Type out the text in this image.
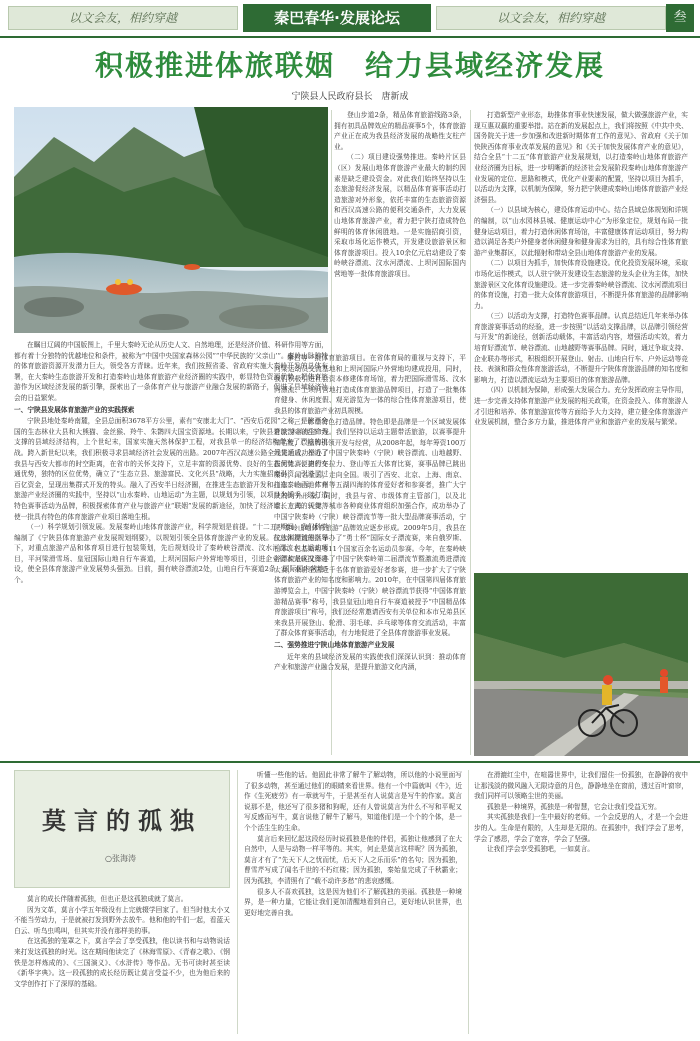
以文会友，相约穿越	秦巴春华·发展论坛	以文会友，相约穿越	叁
积极推进体旅联姻　给力县域经济发展
宁陕县人民政府县长　唐新成

在瞩目辽阔的中国版图上，千里大秦岭无论从历史人文、自然地理，还是经济价值、科研作用等方面，都有着十分独特的优越地位和条件，被称为“中国中央国家森林公园”“中华民族的‘父亲山’”。秦岭山脉独特的体育旅游资源开发潜力巨大，领受各方青睐。近年来，我们按照省委、省政府实施大秦岭开发的总体布署，在大秦岭生态旅游开发和打造秦岭山地体育旅游产业经济圈的实践中，彰显特色资源优势，把体育旅游作为区域经济发展的新引擎，探索出了一条体育产业与旅游产业融合发展的新路子，促进了县域经济社会的日益繁荣。

一、宁陕县发展体育旅游产业的实践探索

宁陕县地处秦岭南麓，全县总面积3678平方公里，素有“安康北大门”、“西安后花园”之称，是陕西全国的生态林业大县和大熊猫、金丝猴、羚牛、朱鹮四大国宝资源地。长期以来，宁陕县是以“木头经济”为支撑的县域经济结构，上个世纪末，国家实施天然林保护工程，对我县单一的经济结构带来了严峻的挑战。跨入新世纪以来，我们积极寻求县域经济社会发展的出路。2007年西汉高速公路全线贯通后，拉近了我县与西安大都市的时空距离，在省市的关怀支持下，立足丰富的资源优势、良好的生态优势、便捷的交通优势，独特的区位优势，确立了“生态立县、旅游富民、文化兴县”战略，大力实施招商引资，引进了过百亿资金，呈现出集群式开发的特头。融入了西安半日经济圈，在推进生态旅游开发和打造秦岭山地体育旅游产业经济圈的实践中，坚持以“山水秦岭、山地运动”为主题，以规划为引领，以项目为抓手，以打造特色赛事活动为品牌，积极探索体育产业与旅游产业“联姻”发展的新途径，加快了经济增长方式的转变，使一批具有特色的体育旅游产业项目落地生根。

（一）科学规划引领发展。发展秦岭山地体育旅游产业，科学规划是前提。“十二五”期间，我们科学编制了《宁陕县体育旅游产业发展规划纲要》，以规划引领全县体育旅游产业的发展。在总体规划的指导下，对重点旅游产品和体育项目进行包装策划，先后规划设计了秦岭峡谷漂流、汶水河漂流水上运动项目，平河梁滑雪场、皇冠国际山地自行车赛道，上坝河国际户外营地等项目，引进企业资本完成投资建设，使全县体育旅游产业发展势头强劲。目前，拥有峡谷漂流2处，山地自行车赛道2条，国际国内营地5个。

登山步道2条，精品体育旅游线路3条，拥有初具品牌效应的精品赛事5个，体育旅游产业正在成为我县经济发展的战略性支柱产业。

（二）项目建设强势推进。秦岭片区县（区）发展山地体育旅游产业最大的制约因素是缺乏建设资金。对此我们始终坚持以生态旅游促经济发展，以精品体育赛事活动打造旅游对外形象，依托丰富的生态旅游资源和西汉高速公路的便利交通条件，大力发展山地体育旅游产业，着力把宁陕打造成特色鲜明的体育休闲胜地。一是实施招商引资，采取市场化运作模式，开发建设旅游景区和体育旅游项目。投入10余亿元启动建设了秦岭峡谷漂流、汶水河漂流、上坝河国际国内营地等一批体育旅游项目。

攀岩等一批体育旅游项目。在省体育局的重视与支持下，平河梁运动员交流基地和上坝河国际户外营地均建成投用，同时，我们积极引进社会资本修建体育场馆，着力把国际滑雪场、汶水河漂流、上坝河营地打造成体育旅游品牌项目，打造了一批集体育健身、休闲度假、观光游览为一体的综合性体育旅游项目，使我县的体育旅游产业初具规模。

（三）彰显特色打造品牌。特色即是品牌是一个区域发展体育旅游业的生命线。我们坚持以运动主题带活旅游，以赛事提升知名度，以品牌引领开发与经营，从2008年起，每年筹资100万元先后成功举办了中国宁陕秦岭（宁陕）峡谷漂流、山地越野、拔河比赛、自行车拉力、登山等五大体育比赛，赛事品牌已跳出秦岭，闻名全国，走向全国。吸引了西安、北京、上海、南京、山东、山西，广州等五湖四海的体育爱好者和参赛者，推广大宁陕的对外形象。同时，我县与省、市级体育主管部门，以及北京、上海、天津等城市各种商业体育组织加强合作，成功举办了中国宁陕秦岭（宁陕）峡谷漂流节等一批大型品牌赛事活动，宁陕“秦岭山地体育旅游”品牌效应逐步形成。2009年5月，我县在汶水河漂流景区举办了“勇士杯”国际女子漂流赛，来自俄罗斯、日本、巴基斯坦等11个国家百余名运动员参赛。今年，在秦岭峡谷漂流景区又举办了中国宁陕秦岭第二届漂流节暨激流勇进漂流大赛，来自全国近千名体育旅游爱好者参赛，进一步扩大了宁陕体育旅游产业的知名度和影响力。2010年，在中国第四届体育旅游博览会上，中国宁陕秦岭（宁陕）峡谷漂流节获得“中国体育旅游精品赛事”称号，我县皇冠山地自行车赛道被授予“中国精品体育旅游项目”称号，我们还经常邀请西安有关单位和本市兄弟县区来我县开展登山、轮滑、羽毛球、乒乓球等体育交流活动，丰富了群众体育赛事活动，有力地促进了全县体育旅游事业发展。

二、强势推进宁陕山地体育旅游产业发展

近年来的县域经济发展的实践使我们深深认识到：推动体育产业和旅游产业融合发展，是提升旅游文化内涵，

打造新型产业形态，助推体育事业快速发展，做大做强旅游产业，实现互惠双赢的重要举措。站在新的发展起点上，我们将按照《中共中央、国务院关于进一步加强和改进新时期体育工作的意见》、省政府《关于加快陕西体育事业改革发展的意见》和《关于加快发展体育产业的意见》，结合全县“十二五”体育旅游产业发展规划，以打造秦岭山地体育旅游产业经济圈为目标，进一步明晰新的经济社会发展阶段秦岭山地体育旅游产业发展的定位、思路和模式，优化产业要素的配置，坚持以项目为抓手，以活动为支撑，以机制为保障，努力把宁陕建成秦岭山地体育旅游产业经济强县。

（一）以县域为核心，建设体育运动中心。结合县域总体规划和详规的编制，以“山水园林县城、健康运动中心”为形象定位，规划布局一批健身运动项目，着力打造休闲体育场馆，丰富健康体育运动项目，努力构造以满足各类户外健身者休闲健身和健身需求为目的，具有综合性体育旅游产业集群区，以此辐射和带动全县山地体育旅游产业的发展。

（二）以项目为抓手，加快体育设施建设。优化投资发展环境，采取市场化运作模式，以人驻宁陕开发建设生态旅游的龙头企业为主体，加快旅游景区文化体育设施建设。进一步完善秦岭峡谷漂流、汶水河漂流项目的体育设施，打造一批大众体育旅游项目，不断提升体育旅游的品牌影响力。

（三）以活动为支撑，打造特色赛事品牌。认真总结近几年来举办体育旅游赛事活动的经验，进一步按照“以活动支撑品牌，以品牌引领经营与开发”的新途径，创新活动载体，丰富活动内容，增强活动实效，着力培育好漂流节、峡谷漂流、山地越野等赛事品牌。同时，通过争取支持、企业联办等形式，积极组织开展登山、射击、山地自行车、户外运动等竞技、表演和群众性体育旅游活动，不断提升宁陕体育旅游品牌的知名度和影响力，打造以漂流运动为主要项目的体育旅游品牌。

（四）以机制为保障，形成强大发展合力。充分发挥政府主导作用，进一步完善支持体育旅游产业发展的相关政策，在资金投入、体育旅游人才引进和培养、体育旅游宣传等方面给予大力支持，建立健全体育旅游产业发展机制，整合多方力量，推进体育产业和旅游产业的发展与繁荣。

莫言的孤独
○张海涛

莫言的成长伴随着孤独，但也正是这孤独成就了莫言。

因为文革，莫言小学五年级没有上完就辍学回家了。但当时他太小又不能当劳动力，于是就被打发到野外去放牛。他和他的牛们一起，看蓝天白云、听鸟虫鸣叫，但其实并没有那样美的事。

在这孤独的笼罩之下，莫言学会了享受孤独，他以读书和与动物说话来打发这孤独的时光。这在期间他读完了《林海雪原》、《青春之歌》、《钢铁是怎样炼成的》、《三国演义》、《水浒传》等作品。无书可读时甚至读《新华字典》。这一段孤独的成长经历既让莫言受益不少，也为他后来的文学创作打下了深厚的基础。

听懂一些他的话。他固此非常了解牛了解动物，所以他的小说里面写了很多动物，甚至通过他们的眼睛来看世界。他有一个中篇就叫《牛》，近作《生死疲劳》有一章就写牛，于是甚至有人说莫言是写牛的作家。莫言说那不是，他还写了很多猪和狗呢，还有人曾说莫言为什么不写和平呢又写反感而写牛，莫言说他了解牛了解马，知道他们是一个个的个体，是一个个活生生的生命。

莫言后来回忆起这段经历时说孤独是他的伴侣，孤独让他感到了在大自然中，人是与动物一样平等的。其实，何止是莫言这样呢？因为孤独，莫言才有了“先天下人之忧而忧，后天下人之乐而乐”的名句；因为孤独，曹雪芹写成了闻名千世的不朽红楼；因为孤独，秦始皇完成了千秋霸业；因为孤独，李清照有了“载不动许多愁”的悲哀感慨。

很多人不喜欢孤独，这是因为他们不了解孤独的美丽。孤独是一种境界，是一种力量，它能让我们更加清醒地看到自己，更好地认识世界，也更好地完善自我。

在滑漉红尘中，在喧嚣世界中，让我们留住一份孤独，在静静的夜中让那浅淡的微风融入无限诗意的月色，静静地坐在窗前，透过百叶窗帘，我们同样可以领略尘世的美丽。

孤独是一种境界，孤独是一种智慧，它会让我们受益无穷。

其实孤独是我们一生中最好的老师。一个会反思的人，才是一个会进步的人。生命是有限的，人生却是无限的。在孤独中，我们学会了思考，学会了感恩，学会了宽容，学会了坚强。

让我们学会享受孤独吧，一如莫言。
